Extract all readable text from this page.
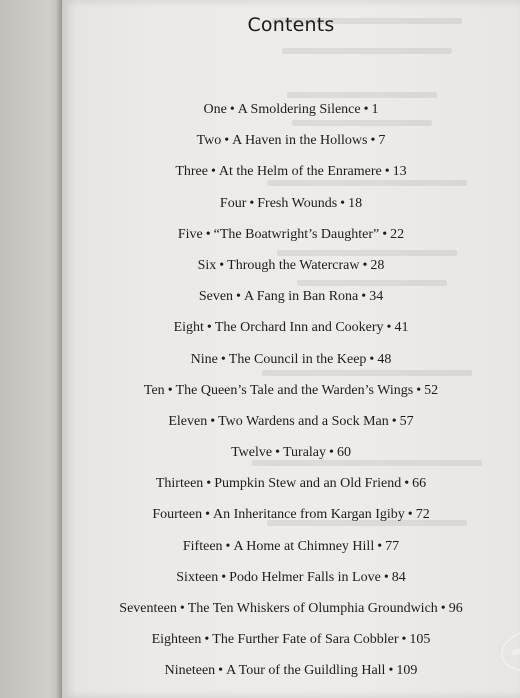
Contents
One • A Smoldering Silence • 1
Two • A Haven in the Hollows • 7
Three • At the Helm of the Enramere • 13
Four • Fresh Wounds • 18
Five • “The Boatwright’s Daughter” • 22
Six • Through the Watercraw • 28
Seven • A Fang in Ban Rona • 34
Eight • The Orchard Inn and Cookery • 41
Nine • The Council in the Keep • 48
Ten • The Queen’s Tale and the Warden’s Wings • 52
Eleven • Two Wardens and a Sock Man • 57
Twelve • Turalay • 60
Thirteen • Pumpkin Stew and an Old Friend • 66
Fourteen • An Inheritance from Kargan Igiby • 72
Fifteen • A Home at Chimney Hill • 77
Sixteen • Podo Helmer Falls in Love • 84
Seventeen • The Ten Whiskers of Olumphia Groundwich • 96
Eighteen • The Further Fate of Sara Cobbler • 105
Nineteen • A Tour of the Guildling Hall • 109
